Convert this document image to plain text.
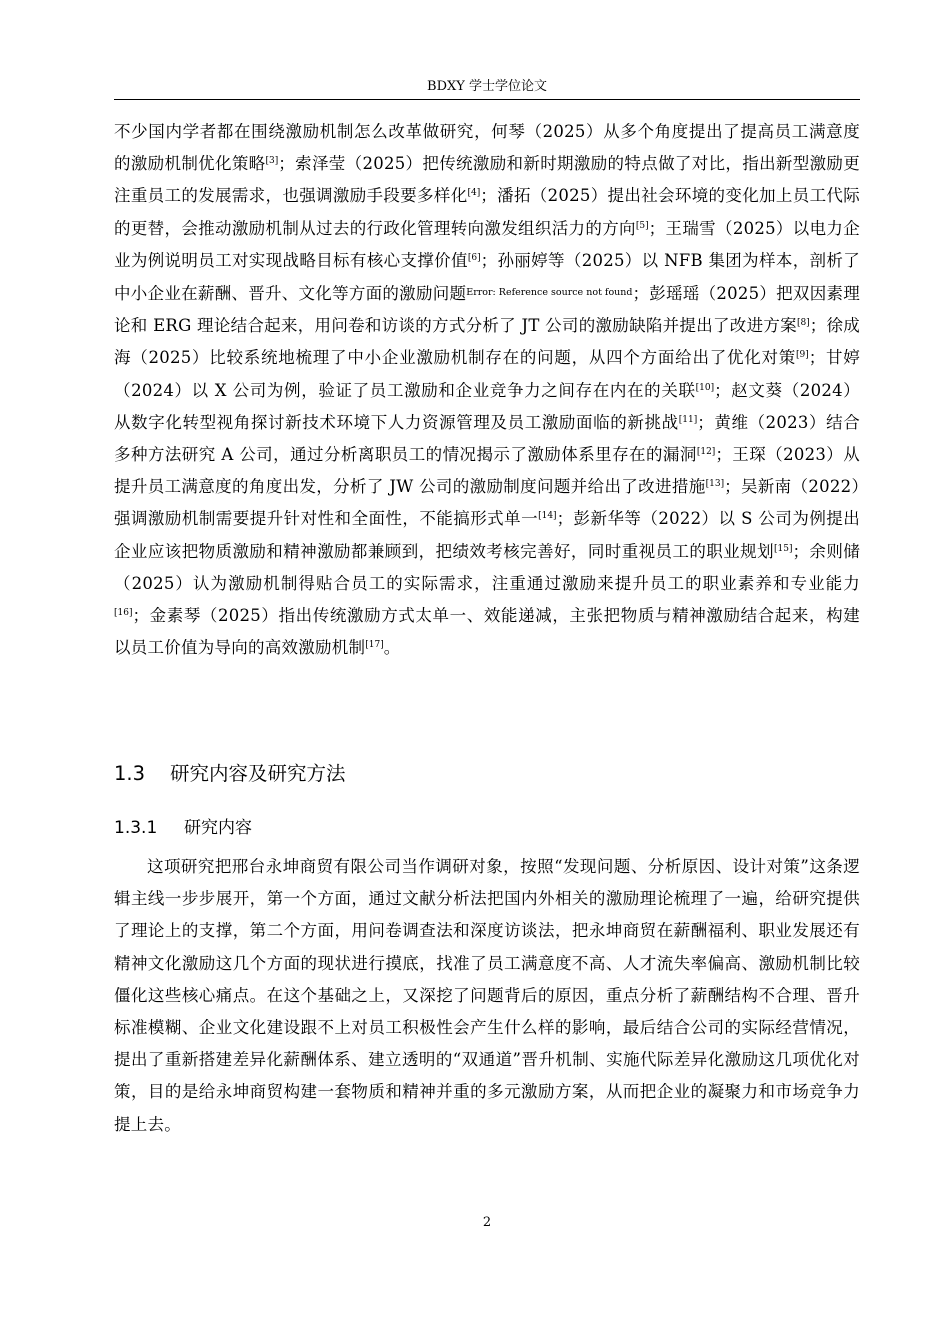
BDXY 学士学位论文

不少国内学者都在围绕激励机制怎么改革做研究，何琴（2025）从多个角度提出了提高员工满意度的激励机制优化策略[3]；索泽莹（2025）把传统激励和新时期激励的特点做了对比，指出新型激励更注重员工的发展需求，也强调激励手段要多样化[4]；潘拓（2025）提出社会环境的变化加上员工代际的更替，会推动激励机制从过去的行政化管理转向激发组织活力的方向[5]；王瑞雪（2025）以电力企业为例说明员工对实现战略目标有核心支撑价值[6]；孙丽婷等（2025）以 NFB 集团为样本，剖析了中小企业在薪酬、晋升、文化等方面的激励问题$^{Error: Reference source not found}$；彭瑶瑶（2025）把双因素理论和 ERG 理论结合起来，用问卷和访谈的方式分析了 JT 公司的激励缺陷并提出了改进方案[8]；徐成海（2025）比较系统地梳理了中小企业激励机制存在的问题，从四个方面给出了优化对策[9]；甘婷（2024）以 X 公司为例，验证了员工激励和企业竞争力之间存在内在的关联[10]；赵文葵（2024）从数字化转型视角探讨新技术环境下人力资源管理及员工激励面临的新挑战[11]；黄维（2023）结合多种方法研究 A 公司，通过分析离职员工的情况揭示了激励体系里存在的漏洞[12]；王琛（2023）从提升员工满意度的角度出发，分析了 JW 公司的激励制度问题并给出了改进措施[13]；吴新南（2022）强调激励机制需要提升针对性和全面性，不能搞形式单一[14]；彭新华等（2022）以 S 公司为例提出企业应该把物质激励和精神激励都兼顾到，把绩效考核完善好，同时重视员工的职业规划[15]；余则储（2025）认为激励机制得贴合员工的实际需求，注重通过激励来提升员工的职业素养和专业能力[16]；金素琴（2025）指出传统激励方式太单一、效能递减，主张把物质与精神激励结合起来，构建以员工价值为导向的高效激励机制[17]。

1.3 研究内容及研究方法
1.3.1 研究内容

这项研究把邢台永坤商贸有限公司当作调研对象，按照“发现问题、分析原因、设计对策”这条逻辑主线一步步展开，第一个方面，通过文献分析法把国内外相关的激励理论梳理了一遍，给研究提供了理论上的支撑，第二个方面，用问卷调查法和深度访谈法，把永坤商贸在薪酬福利、职业发展还有精神文化激励这几个方面的现状进行摸底，找准了员工满意度不高、人才流失率偏高、激励机制比较僵化这些核心痛点。在这个基础之上，又深挖了问题背后的原因，重点分析了薪酬结构不合理、晋升标准模糊、企业文化建设跟不上对员工积极性会产生什么样的影响，最后结合公司的实际经营情况，提出了重新搭建差异化薪酬体系、建立透明的“双通道”晋升机制、实施代际差异化激励这几项优化对策，目的是给永坤商贸构建一套物质和精神并重的多元激励方案，从而把企业的凝聚力和市场竞争力提上去。

2
